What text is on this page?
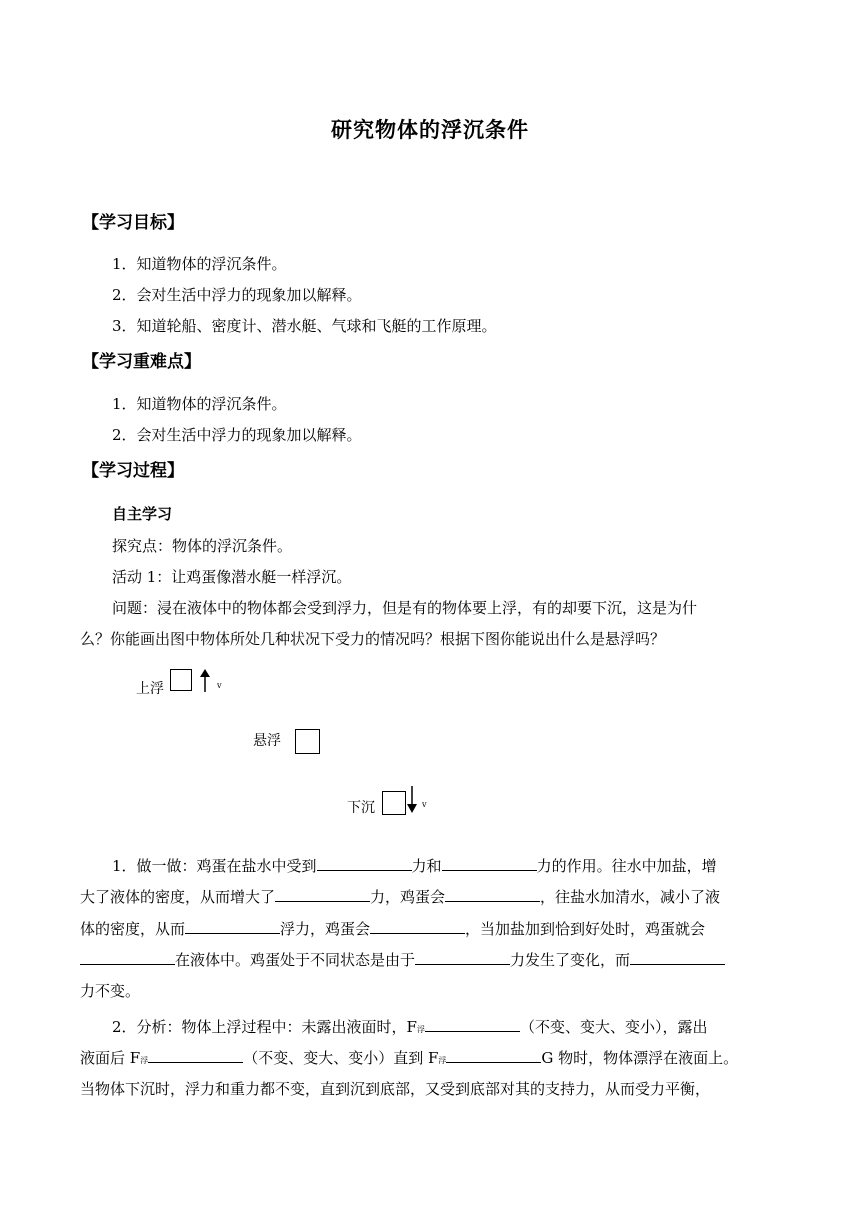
研究物体的浮沉条件
【学习目标】
1．知道物体的浮沉条件。
2．会对生活中浮力的现象加以解释。
3．知道轮船、密度计、潜水艇、气球和飞艇的工作原理。
【学习重难点】
1．知道物体的浮沉条件。
2．会对生活中浮力的现象加以解释。
【学习过程】
自主学习
探究点：物体的浮沉条件。
活动 1：让鸡蛋像潜水艇一样浮沉。
问题：浸在液体中的物体都会受到浮力，但是有的物体要上浮，有的却要下沉，这是为什
么？你能画出图中物体所处几种状况下受力的情况吗？根据下图你能说出什么是悬浮吗？
上浮	v
悬浮
下沉	v
1．做一做：鸡蛋在盐水中受到	力和	力的作用。往水中加盐，增
大了液体的密度，从而增大了	力，鸡蛋会	，往盐水加清水，减小了液
体的密度，从而	浮力，鸡蛋会	，当加盐加到恰到好处时，鸡蛋就会
在液体中。鸡蛋处于不同状态是由于	力发生了变化，而
力不变。
2．分析：物体上浮过程中：未露出液面时，F浮	（不变、变大、变小），露出
液面后 F浮	（不变、变大、变小）直到 F浮	G 物时，物体漂浮在液面上。
当物体下沉时，浮力和重力都不变，直到沉到底部，又受到底部对其的支持力，从而受力平衡，
